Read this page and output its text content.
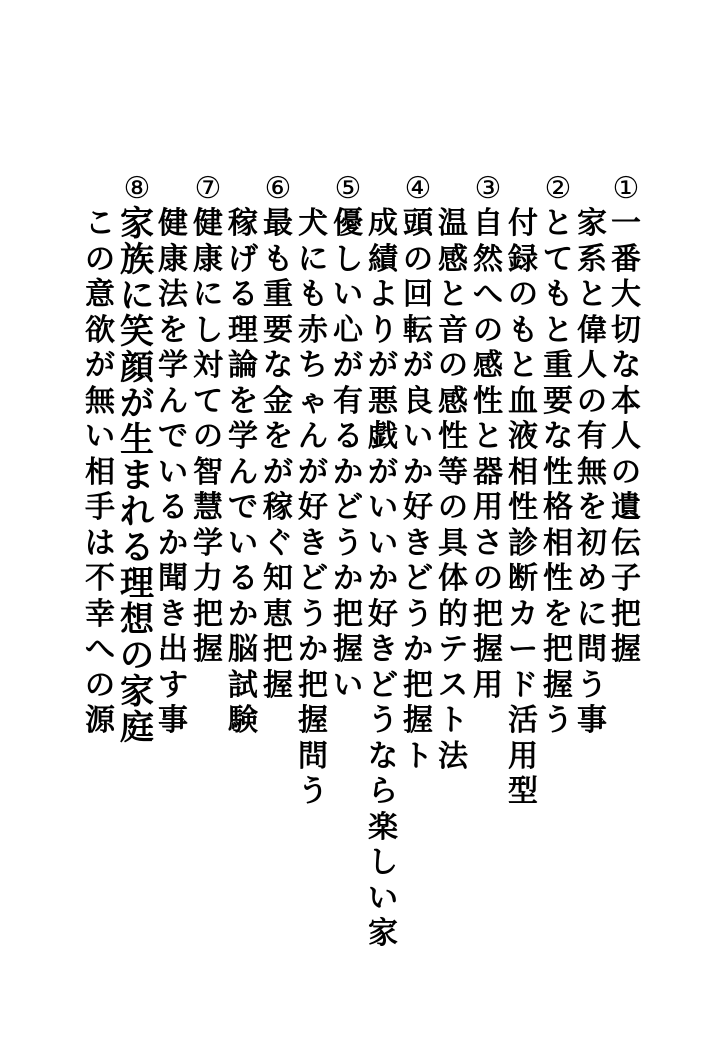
①
一
番
大
切
な
本
人
の
遺
伝
子
把
握
家
系
と
偉
人
の
有
無
を
初
め
に
問
う
事
②
と
て
も
と
重
要
な
性
格
相
性
を
把
握
う
付
録
の
も
と
血
液
相
性
診
断
カ
ー
ド
活
用
型
③
自
然
へ
の
感
性
と
器
用
さ
の
把
握
用
温
感
と
音
の
感
性
等
の
具
体
的
テ
ス
ト
法
④
頭
の
回
転
が
良
い
か
好
き
ど
う
か
把
握
ト
成
績
よ
り
が
悪
戯
が
い
い
か
好
き
ど
う
な
ら
楽
し
い
家
⑤
優
し
い
心
が
有
る
か
ど
う
か
把
握
い
犬
に
も
赤
ち
ゃ
ん
が
好
き
ど
う
か
把
握
問
う
⑥
最
も
重
要
な
金
を
が
稼
ぐ
知
恵
把
握
稼
げ
る
理
論
を
学
ん
で
い
る
か
脳
試
験
⑦
健
康
に
し
対
て
の
智
慧
学
力
把
握
健
康
法
を
学
ん
で
い
る
か
聞
き
出
す
事
⑧
家
族
に
笑
顔
が
生
ま
れ
る
理
想
の
家
庭
こ
の
意
欲
が
無
い
相
手
は
不
幸
へ
の
源
